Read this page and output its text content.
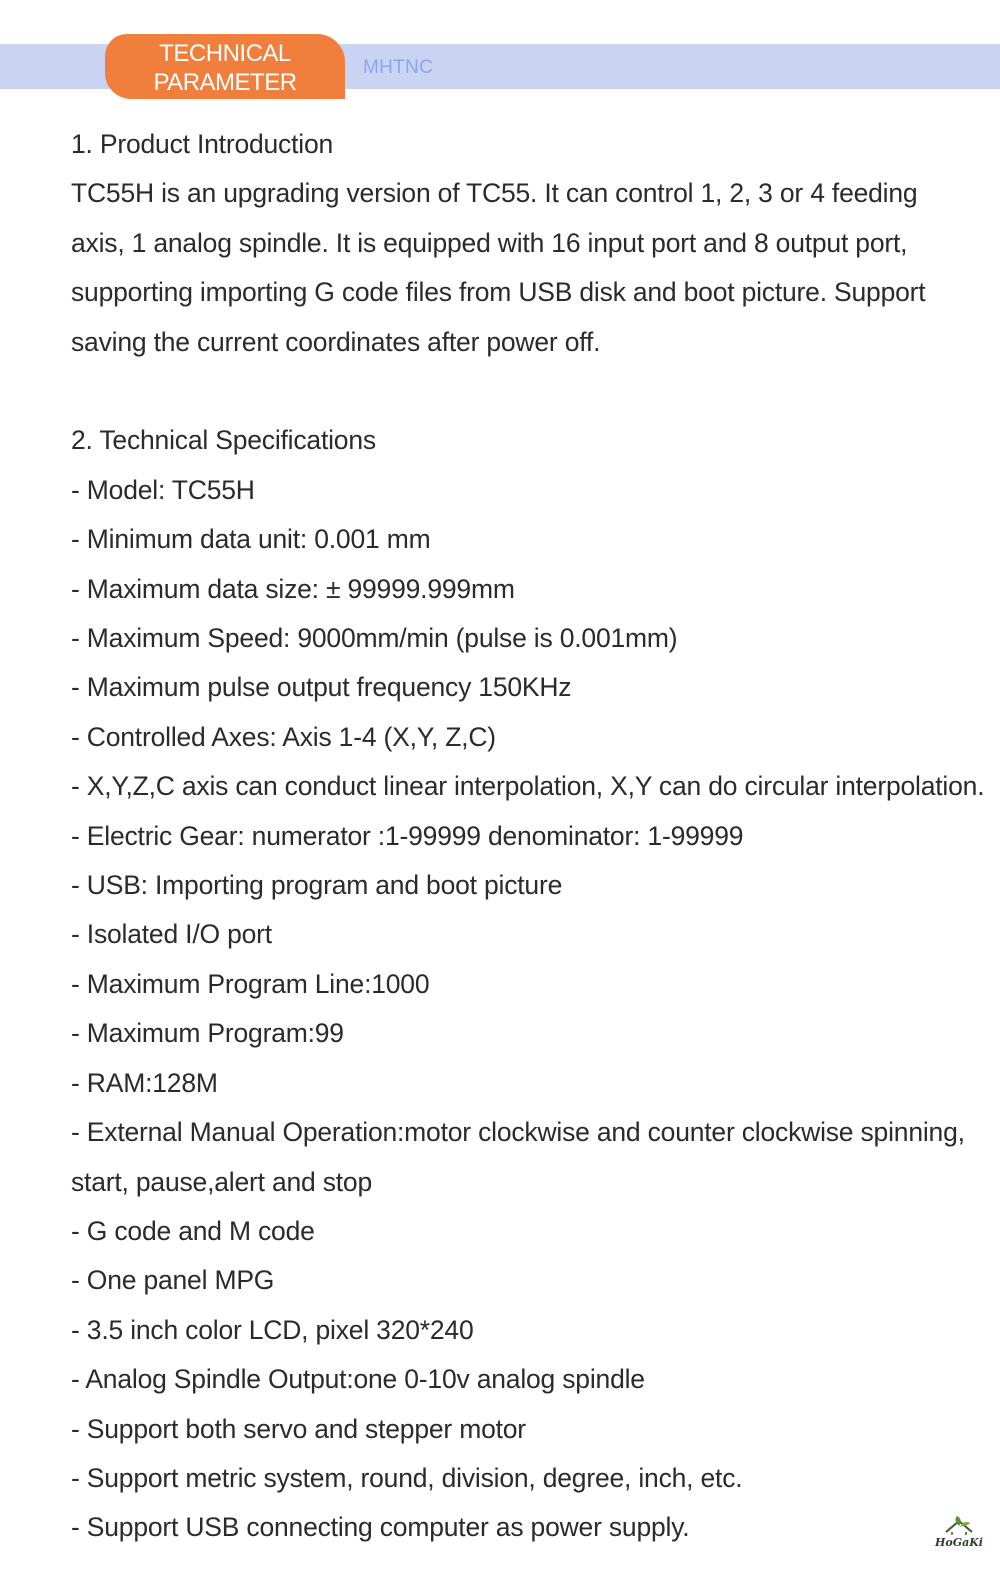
TECHNICAL
PARAMETER
MHTNC

1. Product Introduction

TC55H is an upgrading version of TC55. It can control 1, 2, 3 or 4 feeding

axis, 1 analog spindle. It is equipped with 16 input port and 8 output port,

supporting importing G code files from USB disk and boot picture. Support

saving the current coordinates after power off.

2. Technical Specifications

- Model: TC55H

- Minimum data unit: 0.001 mm

- Maximum data size: ± 99999.999mm

- Maximum Speed: 9000mm/min (pulse is 0.001mm)

- Maximum pulse output frequency 150KHz

- Controlled Axes: Axis 1-4 (X,Y, Z,C)

- X,Y,Z,C axis can conduct linear interpolation, X,Y can do circular interpolation.

- Electric Gear: numerator :1-99999 denominator: 1-99999

- USB: Importing program and boot picture

- Isolated I/O port

- Maximum Program Line:1000

- Maximum Program:99

- RAM:128M

- External Manual Operation:motor clockwise and counter clockwise spinning,

start, pause,alert and stop

- G code and M code

- One panel MPG

- 3.5 inch color LCD, pixel 320*240

- Analog Spindle Output:one 0-10v analog spindle

- Support both servo and stepper motor

- Support metric system, round, division, degree, inch, etc.

- Support USB connecting computer as power supply.

HoGaKi
